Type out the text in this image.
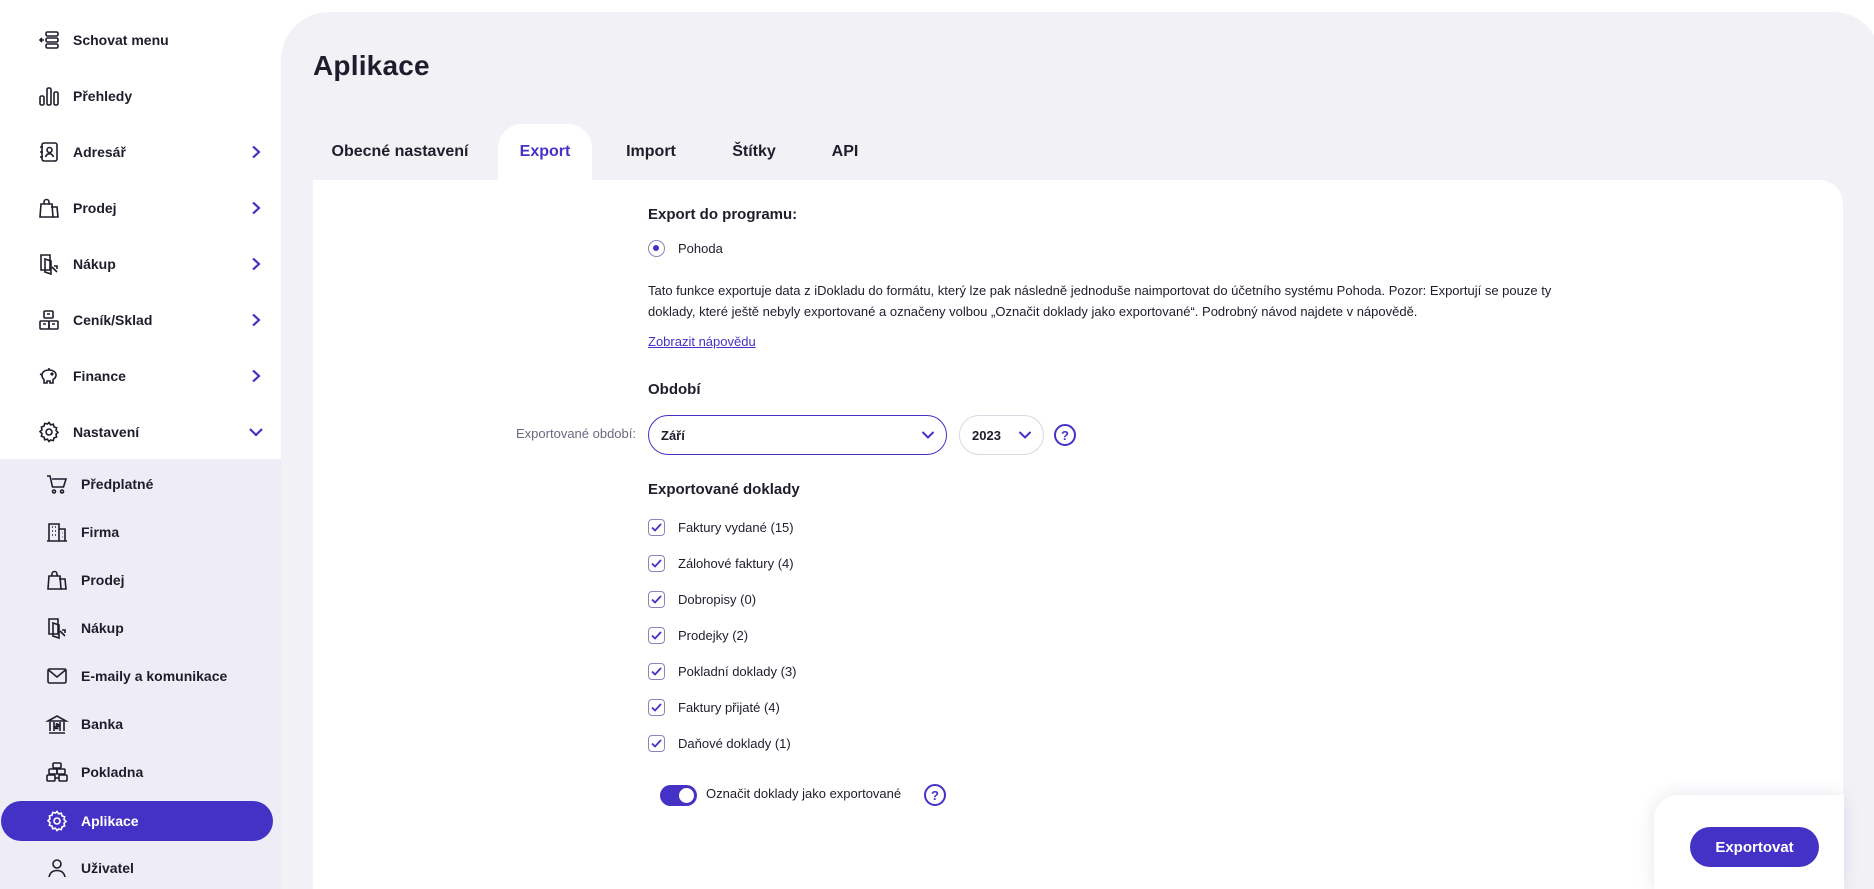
Schovat menu
Přehledy
Adresář
Prodej
Nákup
Ceník/Sklad
Finance
Nastavení
Předplatné
Firma
Prodej
Nákup
E-maily a komunikace
Banka
Pokladna
Aplikace
Uživatel
Aplikace
Obecné nastavení	Export	Import	Štítky	API
Export do programu:
Pohoda
Tato funkce exportuje data z iDokladu do formátu, který lze pak následně jednoduše naimportovat do účetního systému Pohoda. Pozor: Exportují se pouze ty doklady, které ještě nebyly exportované a označeny volbou „Označit doklady jako exportované“. Podrobný návod najdete v nápovědě.
Zobrazit nápovědu
Období
Exportované období: Září	2023	?
Exportované doklady
Faktury vydané (15)
Zálohové faktury (4)
Dobropisy (0)
Prodejky (2)
Pokladní doklady (3)
Faktury přijaté (4)
Daňové doklady (1)
Označit doklady jako exportované	?
Exportovat
